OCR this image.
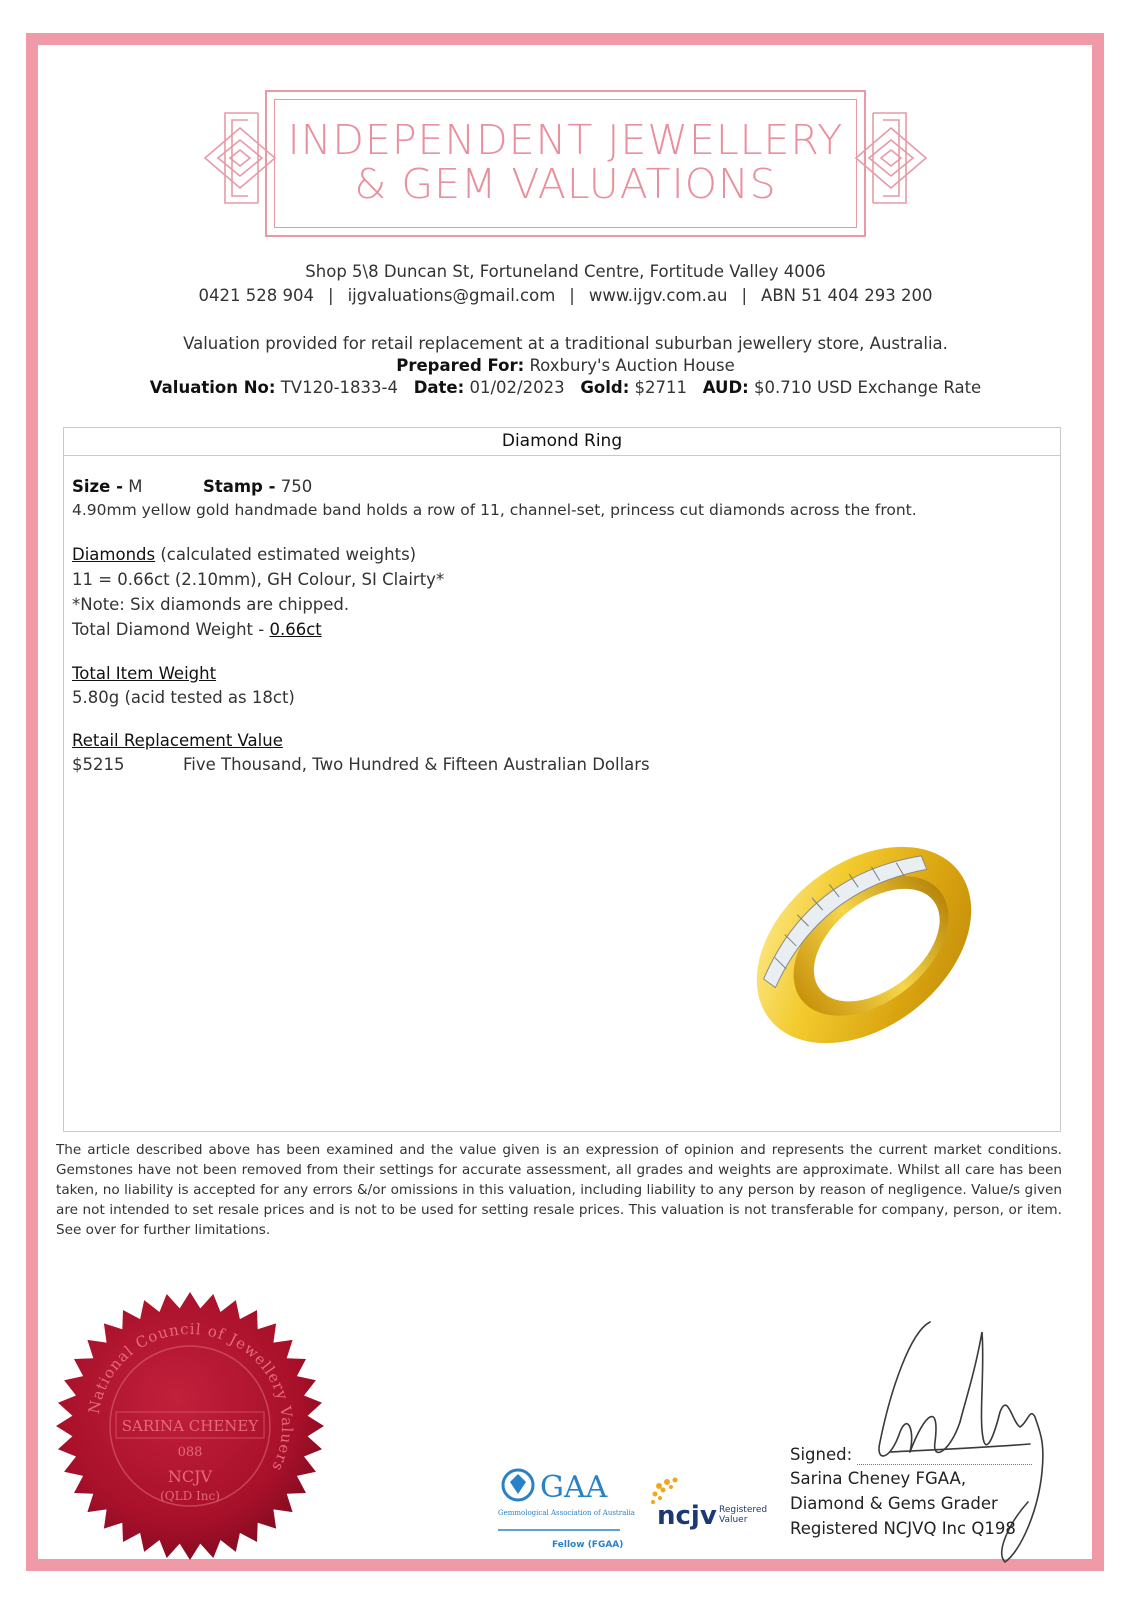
INDEPENDENT JEWELLERY
& GEM VALUATIONS
Shop 5\8 Duncan St, Fortuneland Centre, Fortitude Valley 4006
0421 528 904 | ijgvaluations@gmail.com | www.ijgv.com.au | ABN 51 404 293 200
Valuation provided for retail replacement at a traditional suburban jewellery store, Australia.
Prepared For: Roxbury's Auction House
Valuation No: TV120-1833-4 Date: 01/02/2023 Gold: $2711 AUD: $0.710 USD Exchange Rate
Diamond Ring
Size - M	Stamp - 750
4.90mm yellow gold handmade band holds a row of 11, channel-set, princess cut diamonds across the front.
Diamonds (calculated estimated weights)
11 = 0.66ct (2.10mm), GH Colour, SI Clairty*
*Note: Six diamonds are chipped.
Total Diamond Weight - 0.66ct
Total Item Weight
5.80g (acid tested as 18ct)
Retail Replacement Value
$5215	Five Thousand, Two Hundred & Fifteen Australian Dollars
The article described above has been examined and the value given is an expression of opinion and represents the current market conditions. Gemstones have not been removed from their settings for accurate assessment, all grades and weights are approximate. Whilst all care has been taken, no liability is accepted for any errors &/or omissions in this valuation, including liability to any person by reason of negligence. Value/s given are not intended to set resale prices and is not to be used for setting resale prices. This valuation is not transferable for company, person, or item. See over for further limitations.
National Council of Jewellery Valuers
SARINA CHENEY
088
NCJV
(QLD Inc)	GAA
Gemmological Association of Australia
Fellow (FGAA)
ncjv Registered
Valuer
Signed:
Sarina Cheney FGAA,
Diamond & Gems Grader
Registered NCJVQ Inc Q198
